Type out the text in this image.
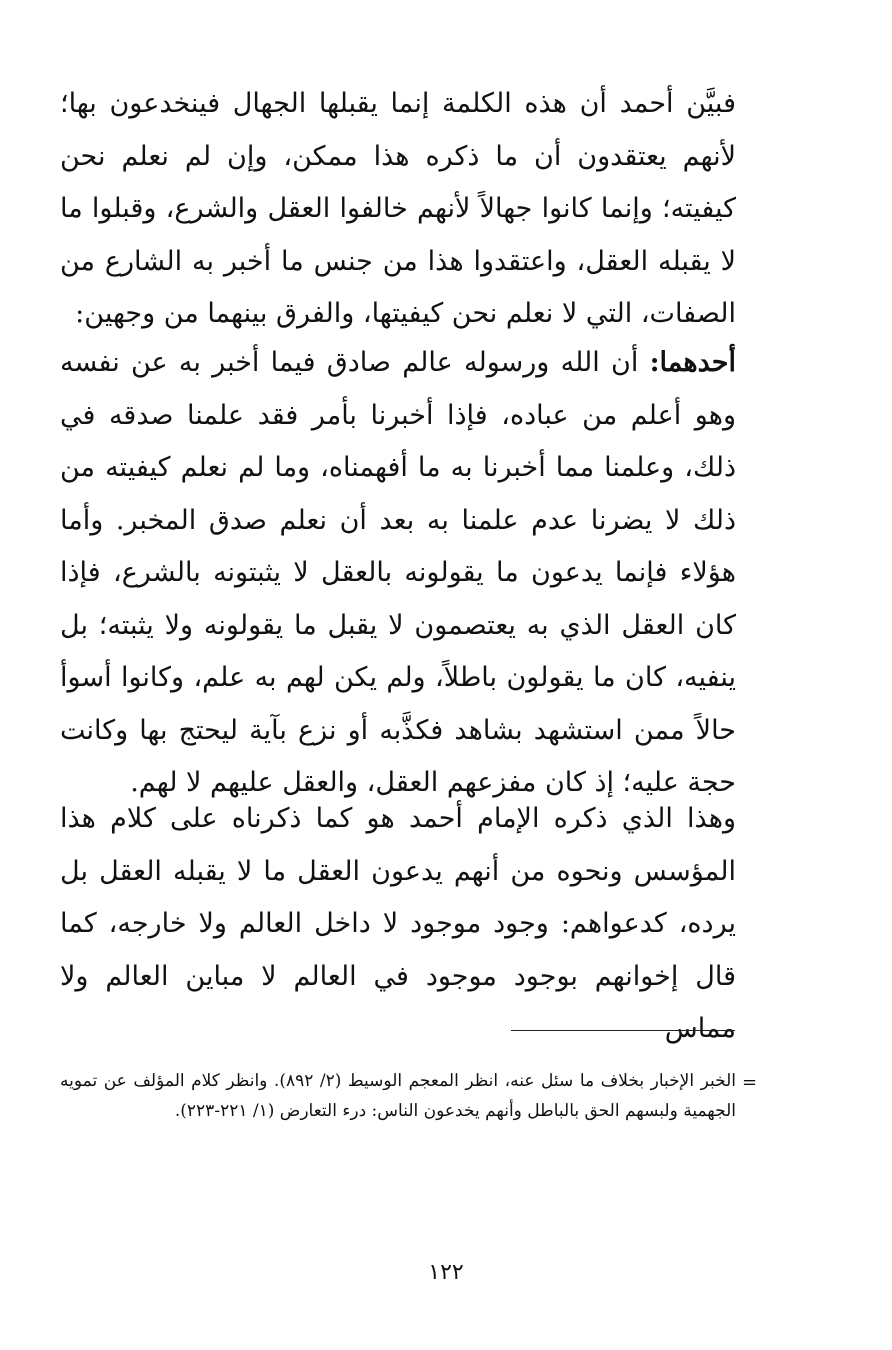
فبيَّن أحمد أن هذه الكلمة إنما يقبلها الجهال فينخدعون بها؛ لأنهم يعتقدون أن ما ذكره هذا ممكن، وإن لم نعلم نحن كيفيته؛ وإنما كانوا جهالاً لأنهم خالفوا العقل والشرع، وقبلوا ما لا يقبله العقل، واعتقدوا هذا من جنس ما أخبر به الشارع من الصفات، التي لا نعلم نحن كيفيتها، والفرق بينهما من وجهين:

أحدهما: أن الله ورسوله عالم صادق فيما أخبر به عن نفسه وهو أعلم من عباده، فإذا أخبرنا بأمر فقد علمنا صدقه في ذلك، وعلمنا مما أخبرنا به ما أفهمناه، وما لم نعلم كيفيته من ذلك لا يضرنا عدم علمنا به بعد أن نعلم صدق المخبر. وأما هؤلاء فإنما يدعون ما يقولونه بالعقل لا يثبتونه بالشرع، فإذا كان العقل الذي به يعتصمون لا يقبل ما يقولونه ولا يثبته؛ بل ينفيه، كان ما يقولون باطلاً، ولم يكن لهم به علم، وكانوا أسوأ حالاً ممن استشهد بشاهد فكذَّبه أو نزع بآية ليحتج بها وكانت حجة عليه؛ إذ كان مفزعهم العقل، والعقل عليهم لا لهم.

وهذا الذي ذكره الإمام أحمد هو كما ذكرناه على كلام هذا المؤسس ونحوه من أنهم يدعون العقل ما لا يقبله العقل بل يرده، كدعواهم: وجود موجود لا داخل العالم ولا خارجه، كما قال إخوانهم بوجود موجود في العالم لا مباين العالم ولا مماس

=

الخبر الإخبار بخلاف ما سئل عنه، انظر المعجم الوسيط (٢/ ٨٩٢). وانظر كلام المؤلف عن تمويه الجهمية ولبسهم الحق بالباطل وأنهم يخدعون الناس: درء التعارض (١/ ٢٢١-٢٢٣).

١٢٢
